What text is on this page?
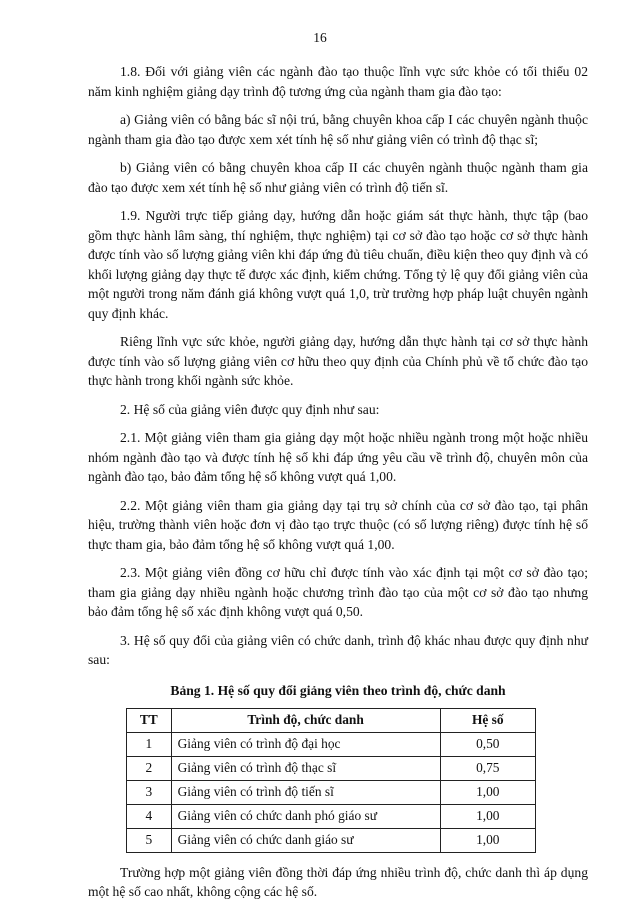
16

1.8. Đối với giảng viên các ngành đào tạo thuộc lĩnh vực sức khỏe có tối thiểu 02 năm kinh nghiệm giảng dạy trình độ tương ứng của ngành tham gia đào tạo:

a) Giảng viên có bằng bác sĩ nội trú, bằng chuyên khoa cấp I các chuyên ngành thuộc ngành tham gia đào tạo được xem xét tính hệ số như giảng viên có trình độ thạc sĩ;

b) Giảng viên có bằng chuyên khoa cấp II các chuyên ngành thuộc ngành tham gia đào tạo được xem xét tính hệ số như giảng viên có trình độ tiến sĩ.

1.9. Người trực tiếp giảng dạy, hướng dẫn hoặc giám sát thực hành, thực tập (bao gồm thực hành lâm sàng, thí nghiệm, thực nghiệm) tại cơ sở đào tạo hoặc cơ sở thực hành được tính vào số lượng giảng viên khi đáp ứng đủ tiêu chuẩn, điều kiện theo quy định và có khối lượng giảng dạy thực tế được xác định, kiểm chứng. Tổng tỷ lệ quy đổi giảng viên của một người trong năm đánh giá không vượt quá 1,0, trừ trường hợp pháp luật chuyên ngành quy định khác.

Riêng lĩnh vực sức khỏe, người giảng dạy, hướng dẫn thực hành tại cơ sở thực hành được tính vào số lượng giảng viên cơ hữu theo quy định của Chính phủ về tổ chức đào tạo thực hành trong khối ngành sức khỏe.

2. Hệ số của giảng viên được quy định như sau:

2.1. Một giảng viên tham gia giảng dạy một hoặc nhiều ngành trong một hoặc nhiều nhóm ngành đào tạo và được tính hệ số khi đáp ứng yêu cầu về trình độ, chuyên môn của ngành đào tạo, bảo đảm tổng hệ số không vượt quá 1,00.

2.2. Một giảng viên tham gia giảng dạy tại trụ sở chính của cơ sở đào tạo, tại phân hiệu, trường thành viên hoặc đơn vị đào tạo trực thuộc (có số lượng riêng) được tính hệ số thực tham gia, bảo đảm tổng hệ số không vượt quá 1,00.

2.3. Một giảng viên đồng cơ hữu chỉ được tính vào xác định tại một cơ sở đào tạo; tham gia giảng dạy nhiều ngành hoặc chương trình đào tạo của một cơ sở đào tạo nhưng bảo đảm tổng hệ số xác định không vượt quá 0,50.

3. Hệ số quy đổi của giảng viên có chức danh, trình độ khác nhau được quy định như sau:

Bảng 1. Hệ số quy đổi giảng viên theo trình độ, chức danh
TT	Trình độ, chức danh	Hệ số
1	Giảng viên có trình độ đại học	0,50
2	Giảng viên có trình độ thạc sĩ	0,75
3	Giảng viên có trình độ tiến sĩ	1,00
4	Giảng viên có chức danh phó giáo sư	1,00
5	Giảng viên có chức danh giáo sư	1,00

Trường hợp một giảng viên đồng thời đáp ứng nhiều trình độ, chức danh thì áp dụng một hệ số cao nhất, không cộng các hệ số.
